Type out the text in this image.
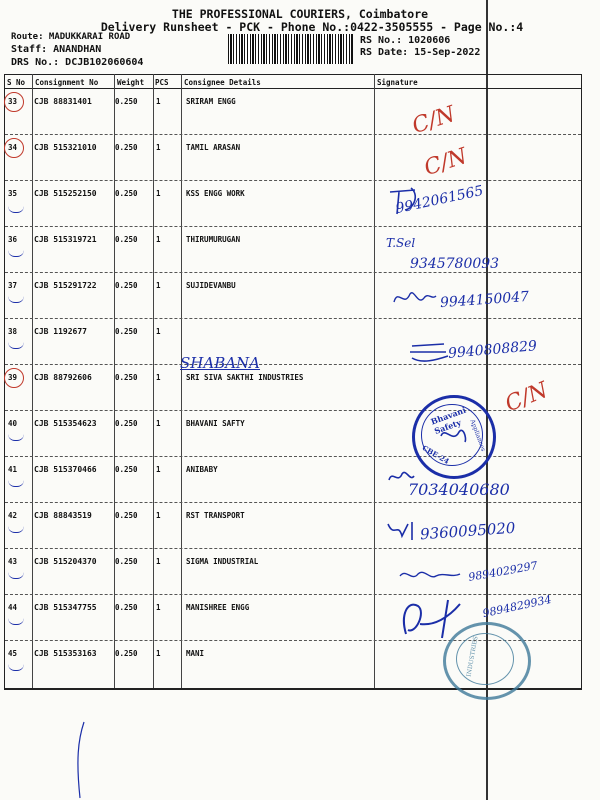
THE PROFESSIONAL COURIERS, Coimbatore
Delivery Runsheet - PCK - Phone No.:0422-3505555 - Page No.:4
Route: MADUKKARAI ROAD
Staff: ANANDHAN
DRS No.: DCJB102060604
RS No.: 1020606
RS Date: 15-Sep-2022
S No Consignment No	Weight PCS Consignee Details	Signature
33 CJB 88831401	0.250 1	SRIRAM ENGG
34 CJB 515321010 0.250 1	TAMIL ARASAN
35 CJB 515252150 0.250 1	KSS ENGG WORK
36 CJB 515319721 0.250 1	THIRUMURUGAN
37 CJB 515291722 0.250 1	SUJIDEVANBU
38 CJB 1192677	0.250 1
39 CJB 88792606	0.250 1	SRI SIVA SAKTHI INDUSTRIES
40 CJB 515354623 0.250 1	BHAVANI SAFTY
41 CJB 515370466 0.250 1	ANIBABY
42 CJB 88843519	0.250 1	RST TRANSPORT
43 CJB 515204370 0.250 1	SIGMA INDUSTRIAL
44 CJB 515347755 0.250 1	MANISHREE ENGG
45 CJB 515353163 0.250 1	MANI
C/N
C/N
C/N
SHABANA
9942061565
T.Sel
9345780093
9944150047
9940808829
7034040680
9360095020
9894029297
9894829934
Bhavani Safety	Appliances
CBE-24
INDUSTRIES
